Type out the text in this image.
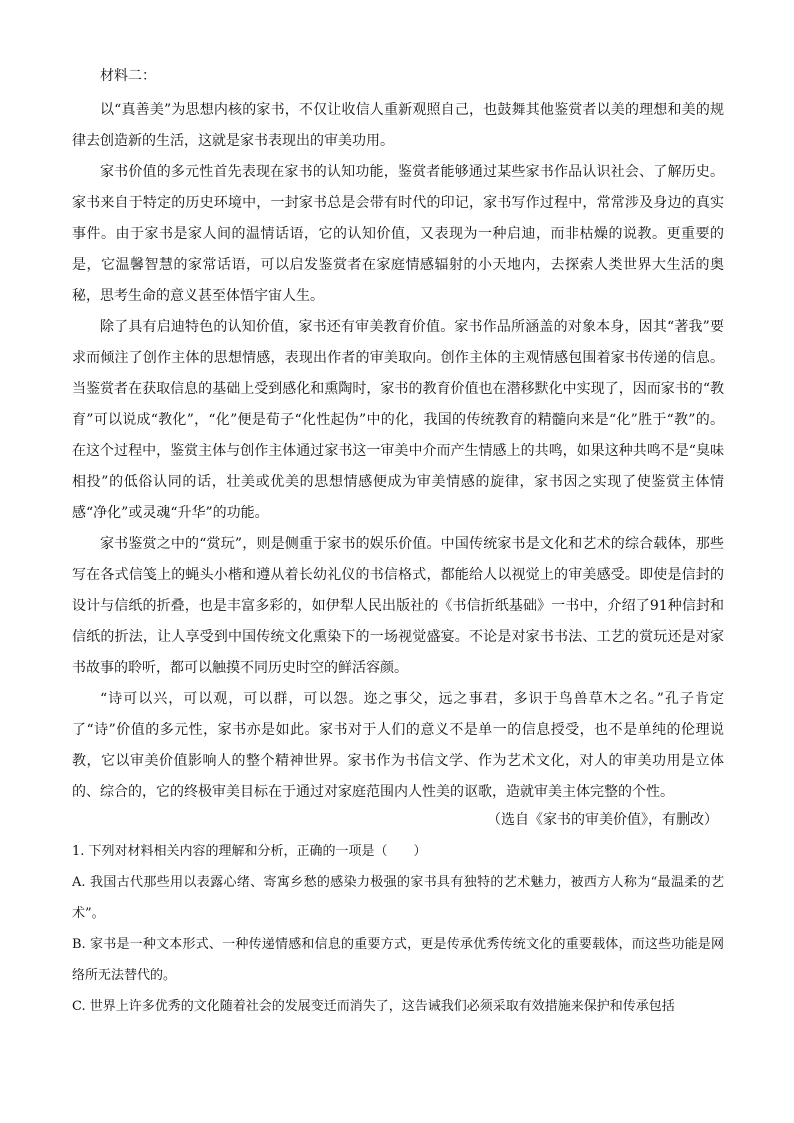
材料二：

以“真善美”为思想内核的家书，不仅让收信人重新观照自己，也鼓舞其他鉴赏者以美的理想和美的规律去创造新的生活，这就是家书表现出的审美功用。

家书价值的多元性首先表现在家书的认知功能，鉴赏者能够通过某些家书作品认识社会、了解历史。家书来自于特定的历史环境中，一封家书总是会带有时代的印记，家书写作过程中，常常涉及身边的真实事件。由于家书是家人间的温情话语，它的认知价值，又表现为一种启迪，而非枯燥的说教。更重要的是，它温馨智慧的家常话语，可以启发鉴赏者在家庭情感辐射的小天地内，去探索人类世界大生活的奥秘，思考生命的意义甚至体悟宇宙人生。

除了具有启迪特色的认知价值，家书还有审美教育价值。家书作品所涵盖的对象本身，因其“著我”要求而倾注了创作主体的思想情感，表现出作者的审美取向。创作主体的主观情感包围着家书传递的信息。当鉴赏者在获取信息的基础上受到感化和熏陶时，家书的教育价值也在潜移默化中实现了，因而家书的“教育”可以说成“教化”，“化”便是荀子“化性起伪”中的化，我国的传统教育的精髓向来是“化”胜于“教”的。在这个过程中，鉴赏主体与创作主体通过家书这一审美中介而产生情感上的共鸣，如果这种共鸣不是“臭味相投”的低俗认同的话，壮美或优美的思想情感便成为审美情感的旋律，家书因之实现了使鉴赏主体情感“净化”或灵魂“升华”的功能。

家书鉴赏之中的“赏玩”，则是侧重于家书的娱乐价值。中国传统家书是文化和艺术的综合载体，那些写在各式信笺上的蝇头小楷和遵从着长幼礼仪的书信格式，都能给人以视觉上的审美感受。即使是信封的设计与信纸的折叠，也是丰富多彩的，如伊犁人民出版社的《书信折纸基础》一书中，介绍了91种信封和信纸的折法，让人享受到中国传统文化熏染下的一场视觉盛宴。不论是对家书书法、工艺的赏玩还是对家书故事的聆听，都可以触摸不同历史时空的鲜活容颜。

“诗可以兴，可以观，可以群，可以怨。迩之事父，远之事君，多识于鸟兽草木之名。”孔子肯定了“诗”价值的多元性，家书亦是如此。家书对于人们的意义不是单一的信息授受，也不是单纯的伦理说教，它以审美价值影响人的整个精神世界。家书作为书信文学、作为艺术文化，对人的审美功用是立体的、综合的，它的终极审美目标在于通过对家庭范围内人性美的讴歌，造就审美主体完整的个性。

（选自《家书的审美价值》，有删改）

1. 下列对材料相关内容的理解和分析，正确的一项是（　　）

A. 我国古代那些用以表露心绪、寄寓乡愁的感染力极强的家书具有独特的艺术魅力，被西方人称为“最温柔的艺术”。

B. 家书是一种文本形式、一种传递情感和信息的重要方式，更是传承优秀传统文化的重要载体，而这些功能是网络所无法替代的。

C. 世界上许多优秀的文化随着社会的发展变迁而消失了，这告诫我们必须采取有效措施来保护和传承包括
